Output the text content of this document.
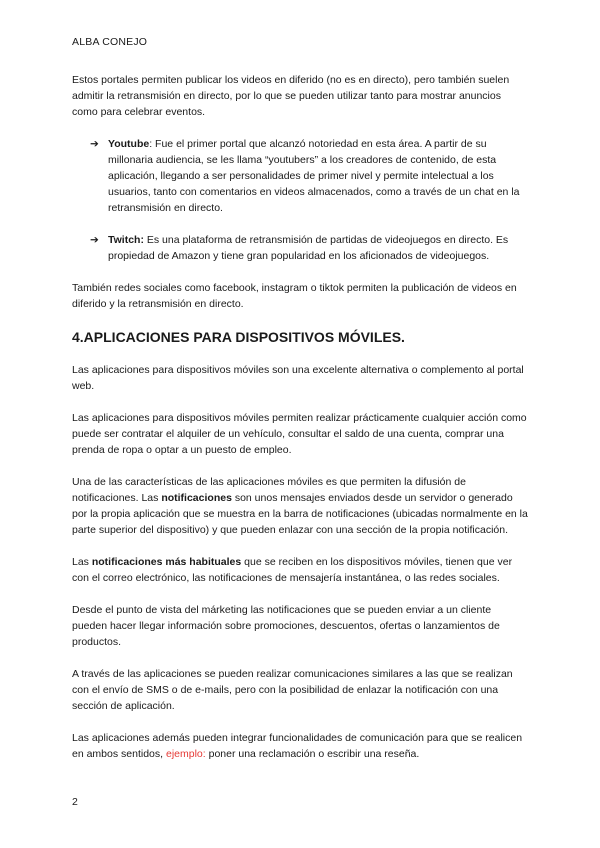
ALBA CONEJO

Estos portales permiten publicar los videos en diferido (no es en directo), pero también suelen admitir la retransmisión en directo, por lo que se pueden utilizar tanto para mostrar anuncios como para celebrar eventos.

➔ Youtube: Fue el primer portal que alcanzó notoriedad en esta área. A partir de su millonaria audiencia, se les llama “youtubers” a los creadores de contenido, de esta aplicación, llegando a ser personalidades de primer nivel y permite intelectual a los usuarios, tanto con comentarios en videos almacenados, como a través de un chat en la retransmisión en directo.
➔ Twitch: Es una plataforma de retransmisión de partidas de videojuegos en directo. Es propiedad de Amazon y tiene gran popularidad en los aficionados de videojuegos.

También redes sociales como facebook, instagram o tiktok permiten la publicación de videos en diferido y la retransmisión en directo.

4.APLICACIONES PARA DISPOSITIVOS MÓVILES.

Las aplicaciones para dispositivos móviles son una excelente alternativa o complemento al portal web.

Las aplicaciones para dispositivos móviles permiten realizar prácticamente cualquier acción como puede ser contratar el alquiler de un vehículo, consultar el saldo de una cuenta, comprar una prenda de ropa o optar a un puesto de empleo.

Una de las características de las aplicaciones móviles es que permiten la difusión de notificaciones. Las notificaciones son unos mensajes enviados desde un servidor o generado por la propia aplicación que se muestra en la barra de notificaciones (ubicadas normalmente en la parte superior del dispositivo) y que pueden enlazar con una sección de la propia notificación.

Las notificaciones más habituales que se reciben en los dispositivos móviles, tienen que ver con el correo electrónico, las notificaciones de mensajería instantánea, o las redes sociales.

Desde el punto de vista del márketing las notificaciones que se pueden enviar a un cliente pueden hacer llegar información sobre promociones, descuentos, ofertas o lanzamientos de productos.

A través de las aplicaciones se pueden realizar comunicaciones similares a las que se realizan con el envío de SMS o de e-mails, pero con la posibilidad de enlazar la notificación con una sección de aplicación.

Las aplicaciones además pueden integrar funcionalidades de comunicación para que se realicen en ambos sentidos, ejemplo: poner una reclamación o escribir una reseña.

2
